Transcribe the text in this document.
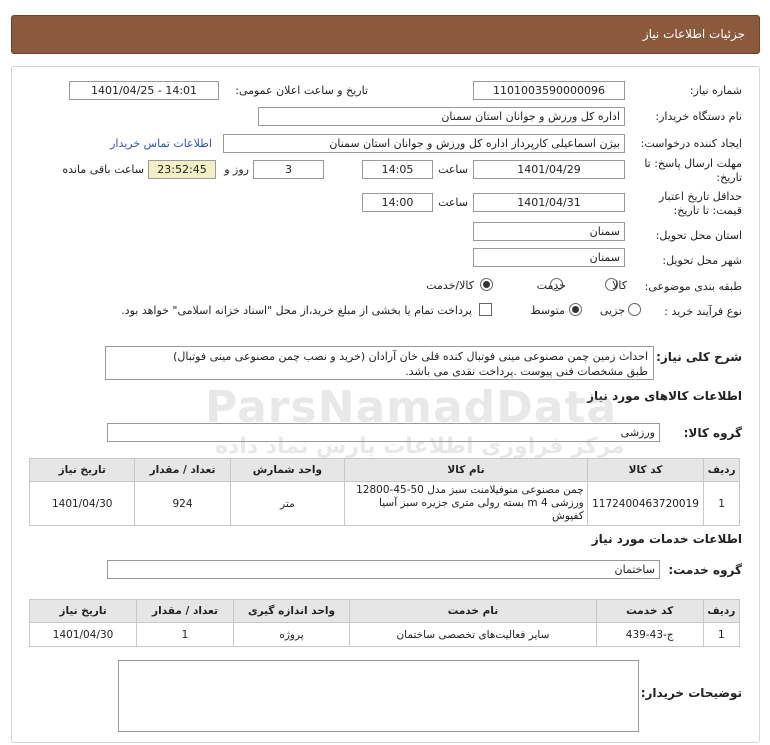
جزئیات اطلاعات نیاز
شماره نیاز:
1101003590000096
تاریخ و ساعت اعلان عمومی:
1401/04/25 - 14:01
نام دستگاه خریدار:
اداره کل ورزش و جوانان استان سمنان
ایجاد کننده درخواست:
بیژن اسماعیلی کارپرداز اداره کل ورزش و جوانان استان سمنان
اطلاعات تماس خریدار
مهلت ارسال پاسخ: تا
تاریخ:
1401/04/29
ساعت
14:05
3
روز و
23:52:45
ساعت باقی مانده
حداقل تاریخ اعتبار
قیمت: تا تاریخ:
1401/04/31
ساعت
14:00
استان محل تحویل:
سمنان
شهر محل تحویل:
سمنان
طبقه بندی موضوعی:
کالا
خدمت
کالا/خدمت
نوع فرآیند خرید :
جزیی
متوسط
پرداخت تمام یا بخشی از مبلغ خرید،از محل "اسناد خزانه اسلامی" خواهد بود.
شرح کلی نیاز:
احداث زمین چمن مصنوعی مینی فوتبال کنده قلی خان آرادان (خرید و نصب چمن مصنوعی مینی فوتبال)
طبق مشخصات فنی پیوست .پرداخت نقدی می باشد.
اطلاعات کالاهای مورد نیاز
گروه کالا:
ورزشی
ردیف	کد کالا	نام کالا	واحد شمارش	تعداد / مقدار	تاریخ نیاز
1	1172400463720019	چمن مصنوعی منوفیلامنت سبز مدل 50-45-12800 ورزشی m 4 بسته رولی متری جزیره سبز آسیا کفپوش	متر	924	1401/04/30
اطلاعات خدمات مورد نیاز
گروه خدمت:
ساختمان
ردیف	کد خدمت	نام خدمت	واحد اندازه گیری	تعداد / مقدار	تاریخ نیاز
1	ج-43-439	سایر فعالیت‌های تخصصی ساختمان	پروژه	1	1401/04/30
توضیحات خریدار:
ParsNamadData
مرکز فراوری اطلاعات پارس نماد داده
